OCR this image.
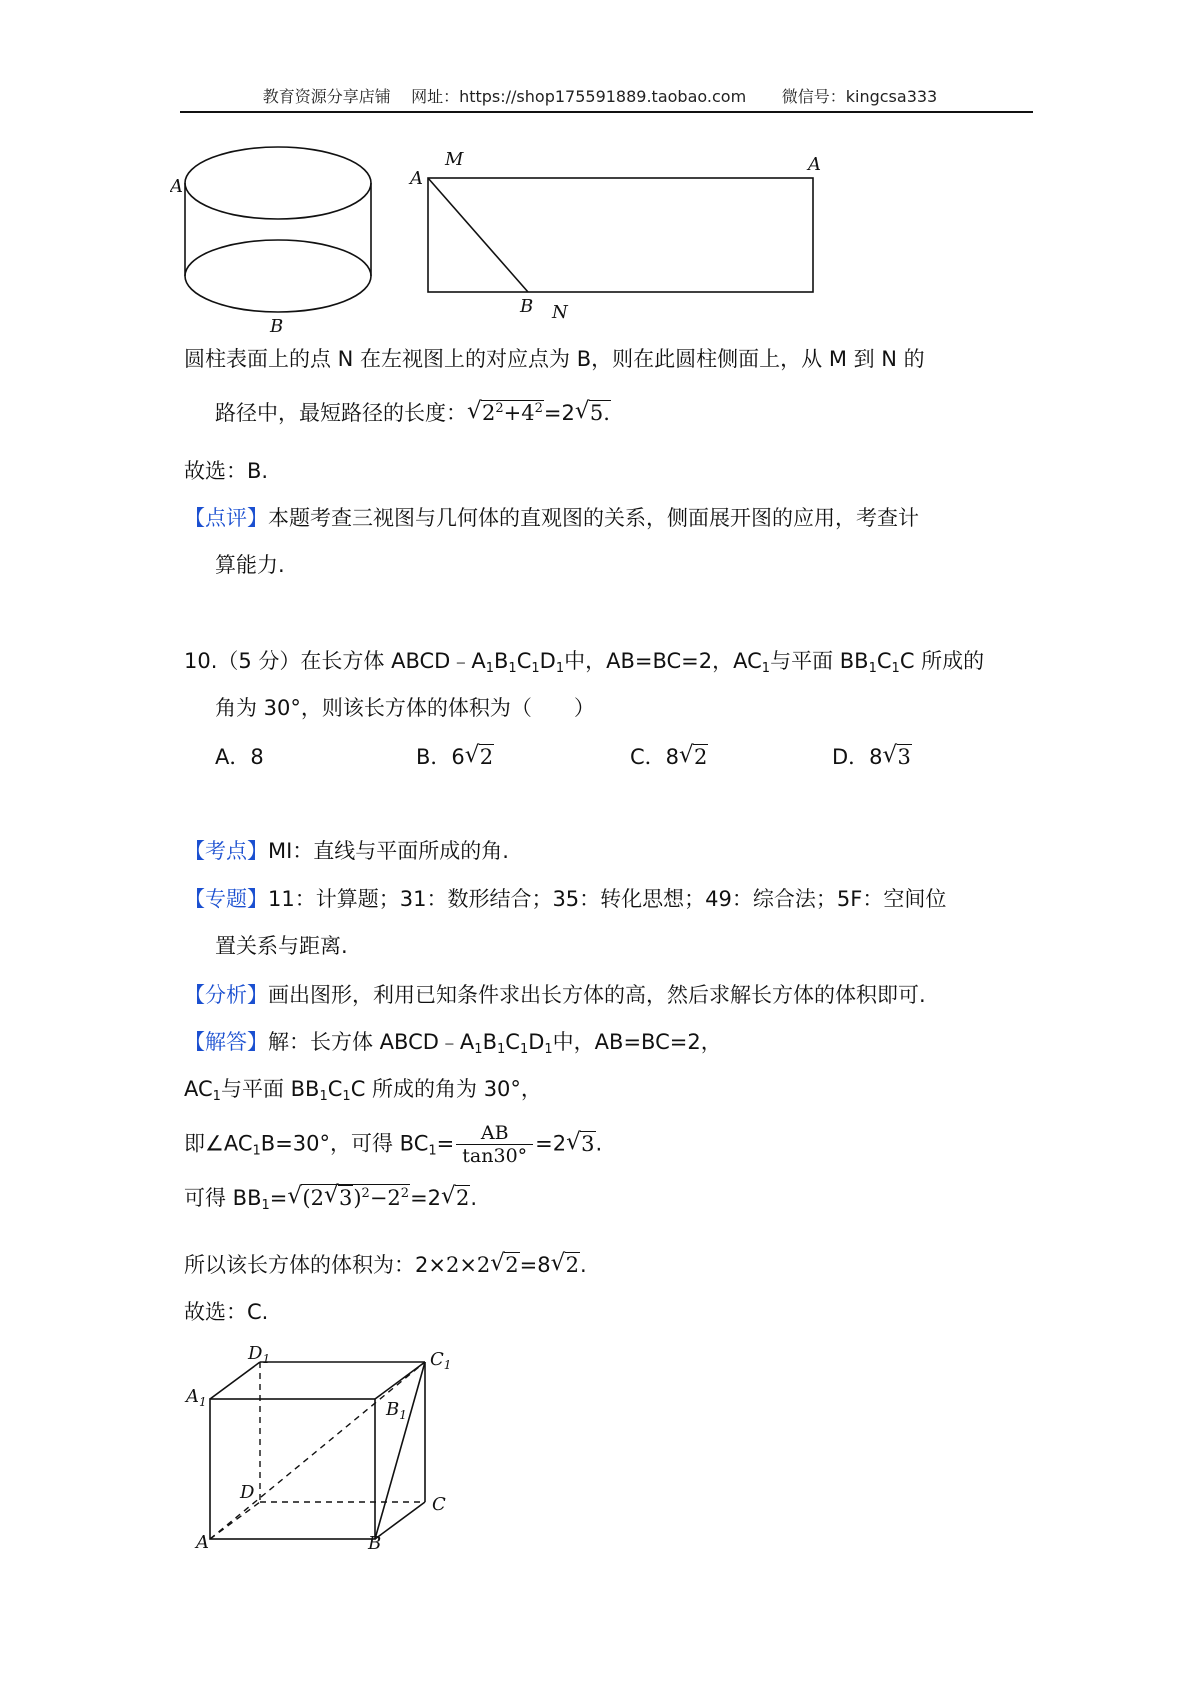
教育资源分享店铺    网址：https://shop175591889.taobao.com       微信号：kingcsa333
A
B
A
M	A
B N
圆柱表面上的点 N 在左视图上的对应点为 B，则在此圆柱侧面上，从 M 到 N 的
路径中，最短路径的长度：√ $2^2+4^2=2√$ 5.
故选：B.
【点评】本题考查三视图与几何体的直观图的关系，侧面展开图的应用，考查计
算能力.
10.（5 分）在长方体 $ABCD﹣A_1B_1C_1D_1$中，AB=BC=2，$AC_1$与平面 $BB_1C_1C$ 所成的
角为 30°，则该长方体的体积为（　　）
A．8	B．6√ 2	C．8√ 2	D．8√ 3
【考点】MI：直线与平面所成的角.
【专题】11：计算题；31：数形结合；35：转化思想；49：综合法；5F：空间位
置关系与距离.
【分析】画出图形，利用已知条件求出长方体的高，然后求解长方体的体积即可.
【解答】解：长方体 $ABCD﹣A_1B_1C_1D_1$中，AB=BC=2，
$AC_1$与平面 $BB_1C_1C$ 所成的角为 30°，
即$\angle AC_1B=30^\circ$，可得 $BC_1= \frac{AB}{\tan 30^\circ} =2√$ 3.
可得 $BB_1=√$ (2√ $3)^2-2^2=2√$ 2.
所以该长方体的体积为：2×2×2√ 2=8√ 2.
故选：C.
$A_1$
$D_1$	$C_1$
$B_1$
D
C
A	B
